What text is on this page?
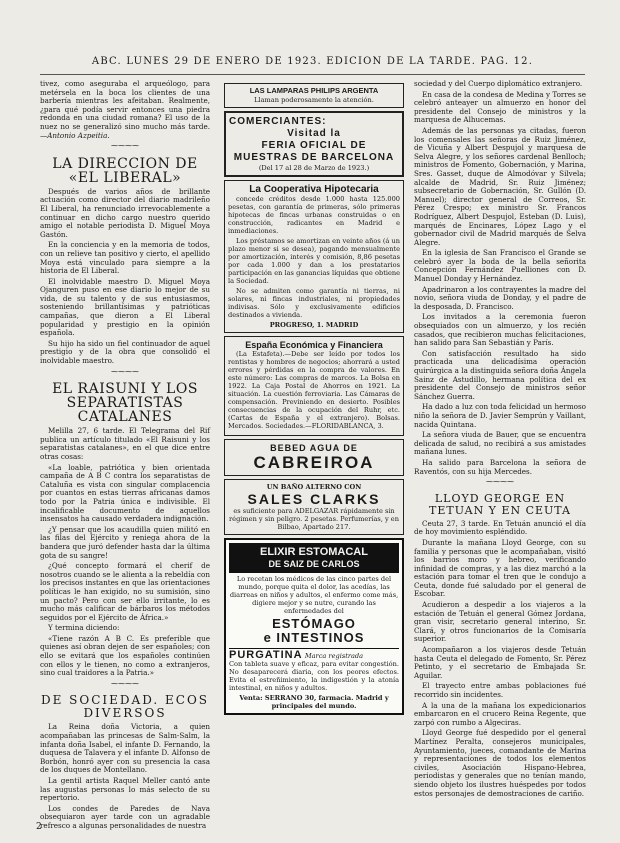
ABC. LUNES 29 DE ENERO DE 1923. EDICION DE LA TARDE. PAG. 12.

tivez, como aseguraba el arqueólogo, para metérsela en la boca los clientes de una barbería mientras les afeitaban. Realmente, ¿para qué podía servir entonces una piedra redonda en una ciudad romana? El uso de la nuez no se generalizó sino mucho más tarde. —Antonio Azpeitia.

⁓⁓⁓⁓
LA DIRECCION DE «EL LIBERAL»

Después de varios años de brillante actuación como director del diario madrileño El Liberal, ha renunciado irrevocablemente a continuar en dicho cargo nuestro querido amigo el notable periodista D. Miguel Moya Gastón.

En la conciencia y en la memoria de todos, con un relieve tan positivo y cierto, el apellido Moya está vinculado para siempre a la historia de El Liberal.

El inolvidable maestro D. Miguel Moya Ojanguren puso en ese diario lo mejor de su vida, de su talento y de sus entusiasmos, sosteniendo brillantísimas y patrióticas campañas, que dieron a El Liberal popularidad y prestigio en la opinión española.

Su hijo ha sido un fiel continuador de aquel prestigio y de la obra que consolidó el inolvidable maestro.

⁓⁓⁓⁓
EL RAISUNI Y LOS SEPARATISTAS CATALANES

Melilla 27, 6 tarde. El Telegrama del Rif publica un artículo titulado «El Raisuni y los separatistas catalanes», en el que dice entre otras cosas:

«La loable, patriótica y bien orientada campaña de A B C contra los separatistas de Cataluña es vista con singular complacencia por cuantos en estas tierras africanas damos todo por la Patria única e indivisible. El incalificable documento de aquellos insensatos ha causado verdadera indignación.

¿Y pensar que los acaudilla quien militó en las filas del Ejército y reniega ahora de la bandera que juró defender hasta dar la última gota de su sangre!

¿Qué concepto formará el cherif de nosotros cuando se le alienta a la rebeldía con los precisos instantes en que las orientaciones políticas le han exigido, no su sumisión, sino un pacto? Pero con ser ello irritante, lo es mucho más calificar de bárbaros los métodos seguidos por el Ejército de África.»

Y termina diciendo:

«Tiene razón A B C. Es preferible que quienes así obran dejen de ser españoles; con ello se evitará que los españoles continúen con ellos y le tienen, no como a extranjeros, sino cual traidores a la Patria.»

⁓⁓⁓⁓
DE SOCIEDAD. ECOS DIVERSOS

La Reina doña Victoria, a quien acompañaban las princesas de Salm-Salm, la infanta doña Isabel, el infante D. Fernando, la duquesa de Talavera y el infante D. Alfonso de Borbón, honró ayer con su presencia la casa de los duques de Montellano.

La gentil artista Raquel Meller cantó ante las augustas personas lo más selecto de su repertorio.

Los condes de Paredes de Nava obsequiaron ayer tarde con un agradable refresco a algunas personalidades de nuestra

LAS LAMPARAS PHILIPS ARGENTA
Llaman poderosamente la atención.
COMERCIANTES:
Visitad la
FERIA OFICIAL DE
MUESTRAS DE BARCELONA
(Del 17 al 28 de Marzo de 1923.)
La Cooperativa Hipotecaria

concede créditos desde 1.000 hasta 125.000 pesetas, con garantía de primeras, sólo primeras hipotecas de fincas urbanas construidas o en construcción, radicantes en Madrid e inmediaciones.

Los préstamos se amortizan en veinte años (á un plazo menor si se desea), pagando mensualmente por amortización, interés y comisión, 8,86 pesetas por cada 1.000 y dan a los prestatarios participación en las ganancias líquidas que obtiene la Sociedad.

No se admiten como garantía ni tierras, ni solares, ni fincas industriales, ni propiedades indivisas. Sólo y exclusivamente edificios destinados a vivienda.

PROGRESO, 1. MADRID
España Económica y Financiera

(La Estafeta).—Debe ser leído por todos los rentistas y hombres de negocios; ahorrará a usted errores y pérdidas en la compra de valores. En este número: Las compras de marcos. La Bolsa en 1922. La Caja Postal de Ahorros en 1921. La situación. La cuestión ferroviaria. Las Cámaras de compensación. Previniendo en desierto. Posibles consecuencias de la ocupación del Ruhr, etc. (Cartas de España y el extranjero). Bolsas. Mercados. Sociedades.—FLORIDABLANCA, 3.

BEBED AGUA DE
CABREIROA
UN BAÑO ALTERNO CON
SALES CLARKS
es suficiente para ADELGAZAR rápidamente sin régimen y sin peligro. 2 pesetas. Perfumerías, y en Bilbao, Apartado 217.
ELIXIR ESTOMACAL
DE SAIZ DE CARLOS

Lo recetan los médicos de las cinco partes del mundo, porque quita el dolor, las acedías, las diarreas en niños y adultos, el enfermo come más, digiere mejor y se nutre, curando las enfermedades del

ESTÓMAGO
e INTESTINOS
PURGATINA Marca registrada

Con tableta suave y eficaz, para evitar congestión. No desaparecerá diaria, con los peores efectos. Evita el estreñimiento, la indigestión y la atonía intestinal, en niños y adultos.

Venta: SERRANO 30, farmacia. Madrid y principales del mundo.

sociedad y del Cuerpo diplomático extranjero.

En casa de la condesa de Medina y Torres se celebró anteayer un almuerzo en honor del presidente del Consejo de ministros y la marquesa de Alhucemas.

Además de las personas ya citadas, fueron los comensales las señoras de Ruiz Jiménez, de Vicuña y Albert Despujol y marquesa de Selva Alegre, y los señores cardenal Benlloch; ministros de Fomento, Gobernación, y Marina, Sres. Gasset, duque de Almodóvar y Silvela; alcalde de Madrid, Sr. Ruiz Jiménez; subsecretario de Gobernación, Sr. Gullón (D. Manuel); director general de Correos, Sr. Pérez Crespo; ex ministro Sr. Francos Rodríguez, Albert Despujol, Esteban (D. Luis), marqués de Encinares, López Lago y el gobernador civil de Madrid marqués de Selva Alegre.

En la iglesia de San Francisco el Grande se celebró ayer la boda de la bella señorita Concepción Fernández Puelliones con D. Manuel Donday y Hernández.

Apadrinaron a los contrayentes la madre del novio, señora viuda de Donday, y el padre de la desposada, D. Francisco.

Los invitados a la ceremonia fueron obsequiados con un almuerzo, y los recién casados, que recibieron muchas felicitaciones, han salido para San Sebastián y París.

Con satisfacción resultado ha sido practicada una delicadísima operación quirúrgica a la distinguida señora doña Ángela Sainz de Astudillo, hermana política del ex presidente del Consejo de ministros señor Sánchez Guerra.

Ha dado a luz con toda felicidad un hermoso niño la señora de D. Javier Semprún y Vaillant, nacida Quintana.

La señora viuda de Bauer, que se encuentra delicada de salud, no recibirá a sus amistades mañana lunes.

Ha salido para Barcelona la señora de Raventós, con su hija Mercedes.

⁓⁓⁓⁓
LLOYD GEORGE EN TETUAN Y EN CEUTA

Ceuta 27, 3 tarde. En Tetuán anunció el día de hoy movimiento espléndido.

Durante la mañana Lloyd George, con su familia y personas que le acompañaban, visitó los barrios moro y hebreo, verificando infinidad de compras, y a las diez marchó a la estación para tomar el tren que le condujo a Ceuta, donde fué saludado por el general de Escobar.

Acudieron a despedir a los viajeros a la estación de Tetuán el general Gómez Jordana, gran visir, secretario general interino, Sr. Clará, y otros funcionarios de la Comisaría superior.

Acompañaron a los viajeros desde Tetuán hasta Ceuta el delegado de Fomento, Sr. Pérez Petinto, y el secretario de Embajada Sr. Aguilar.

El trayecto entre ambas poblaciones fué recorrido sin incidentes.

A la una de la mañana los expedicionarios embarcaron en el crucero Reina Regente, que zarpó con rumbo a Algeciras.

Lloyd George fué despedido por el general Martínez Peralta, consejeros municipales, Ayuntamiento, jueces, comandante de Marina y representaciones de todos los elementos civiles, Asociación Hispano-Hebrea, periodistas y generales que no tenían mando, siendo objeto los ilustres huéspedes por todos estos personajes de demostraciones de cariño.

2
